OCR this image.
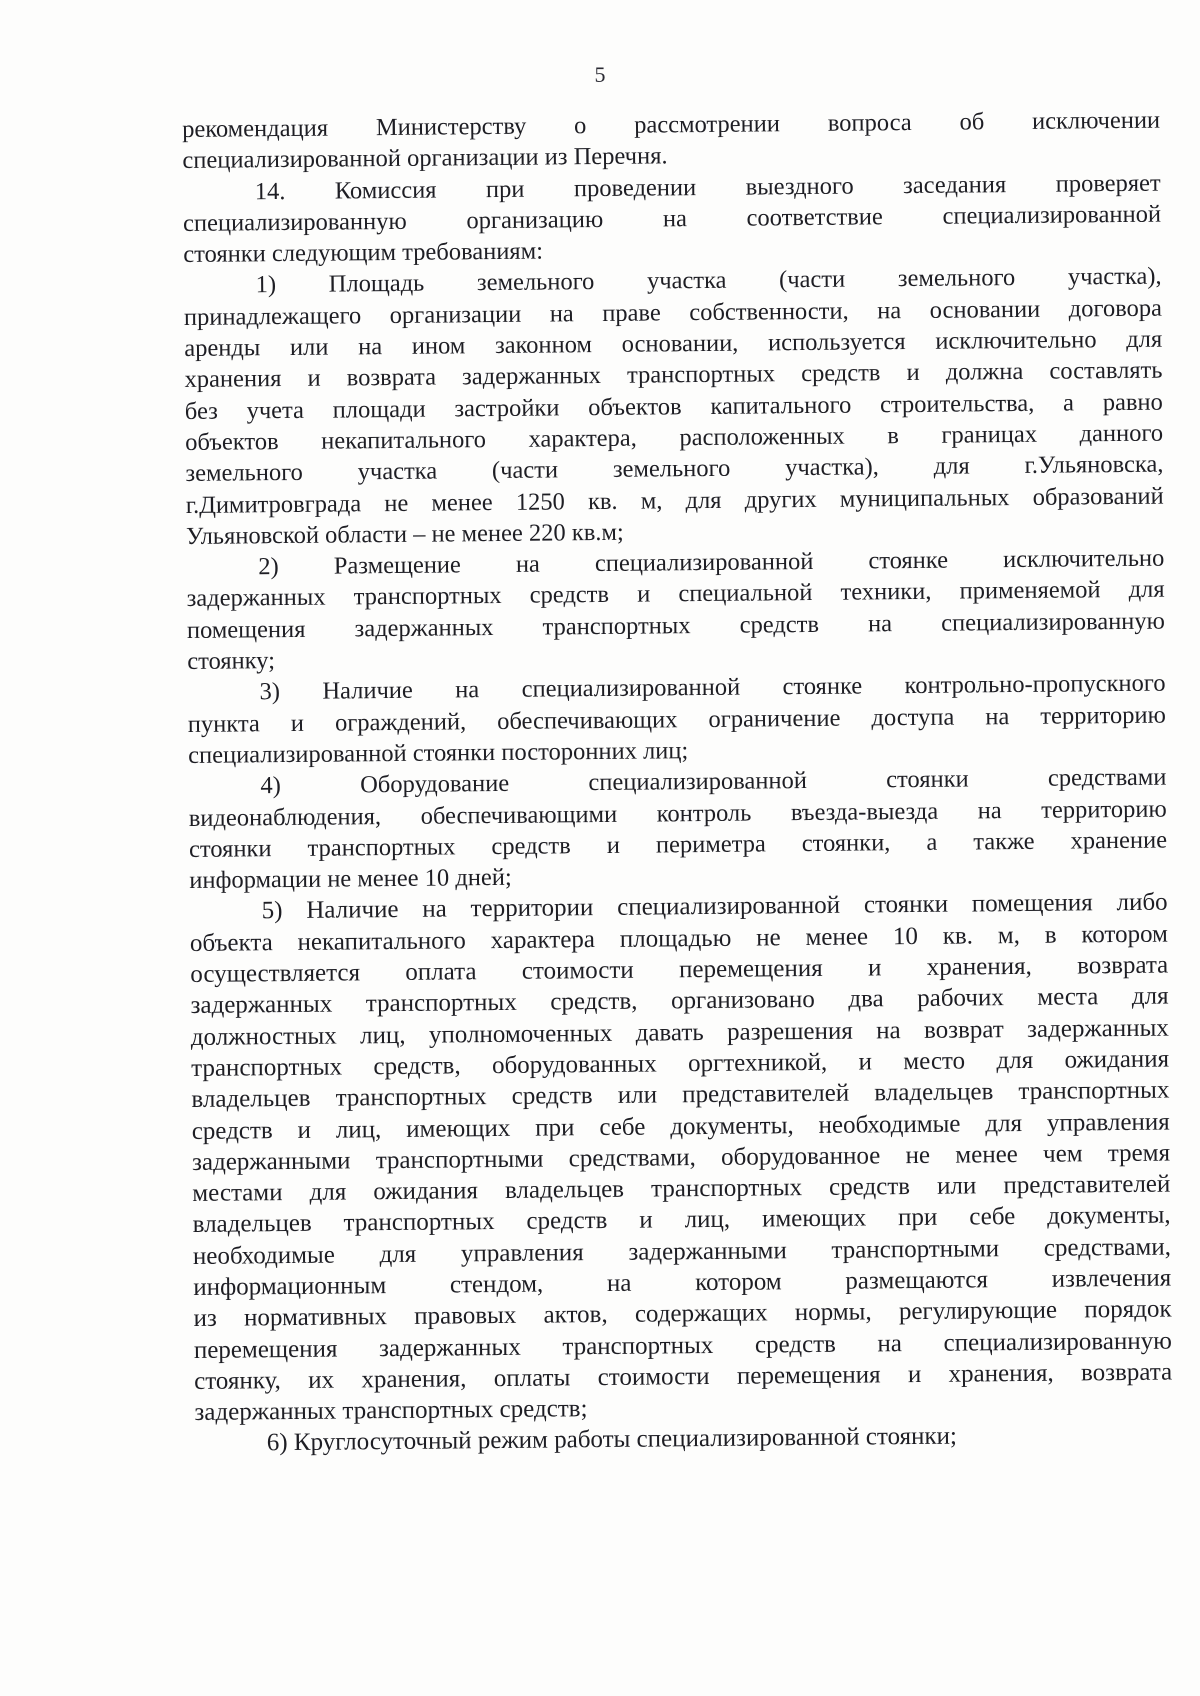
5
рекомендация Министерству о рассмотрении вопроса об исключении
специализированной организации из Перечня.
14. Комиссия при проведении выездного заседания проверяет
специализированную организацию на соответствие специализированной
стоянки следующим требованиям:
1) Площадь земельного участка (части земельного участка),
принадлежащего организации на праве собственности, на основании договора
аренды или на ином законном основании, используется исключительно для
хранения и возврата задержанных транспортных средств и должна составлять
без учета площади застройки объектов капитального строительства, а равно
объектов некапитального характера, расположенных в границах данного
земельного участка (части земельного участка), для г.Ульяновска,
г.Димитровграда не менее 1250 кв. м, для других муниципальных образований
Ульяновской области – не менее 220 кв.м;
2) Размещение на специализированной стоянке исключительно
задержанных транспортных средств и специальной техники, применяемой для
помещения задержанных транспортных средств на специализированную
стоянку;
3) Наличие на специализированной стоянке контрольно-пропускного
пункта и ограждений, обеспечивающих ограничение доступа на территорию
специализированной стоянки посторонних лиц;
4) Оборудование специализированной стоянки средствами
видеонаблюдения, обеспечивающими контроль въезда-выезда на территорию
стоянки транспортных средств и периметра стоянки, а также хранение
информации не менее 10 дней;
5) Наличие на территории специализированной стоянки помещения либо
объекта некапитального характера площадью не менее 10 кв. м, в котором
осуществляется оплата стоимости перемещения и хранения, возврата
задержанных транспортных средств, организовано два рабочих места для
должностных лиц, уполномоченных давать разрешения на возврат задержанных
транспортных средств, оборудованных оргтехникой, и место для ожидания
владельцев транспортных средств или представителей владельцев транспортных
средств и лиц, имеющих при себе документы, необходимые для управления
задержанными транспортными средствами, оборудованное не менее чем тремя
местами для ожидания владельцев транспортных средств или представителей
владельцев транспортных средств и лиц, имеющих при себе документы,
необходимые для управления задержанными транспортными средствами,
информационным стендом, на котором размещаются извлечения
из нормативных правовых актов, содержащих нормы, регулирующие порядок
перемещения задержанных транспортных средств на специализированную
стоянку, их хранения, оплаты стоимости перемещения и хранения, возврата
задержанных транспортных средств;
6) Круглосуточный режим работы специализированной стоянки;
